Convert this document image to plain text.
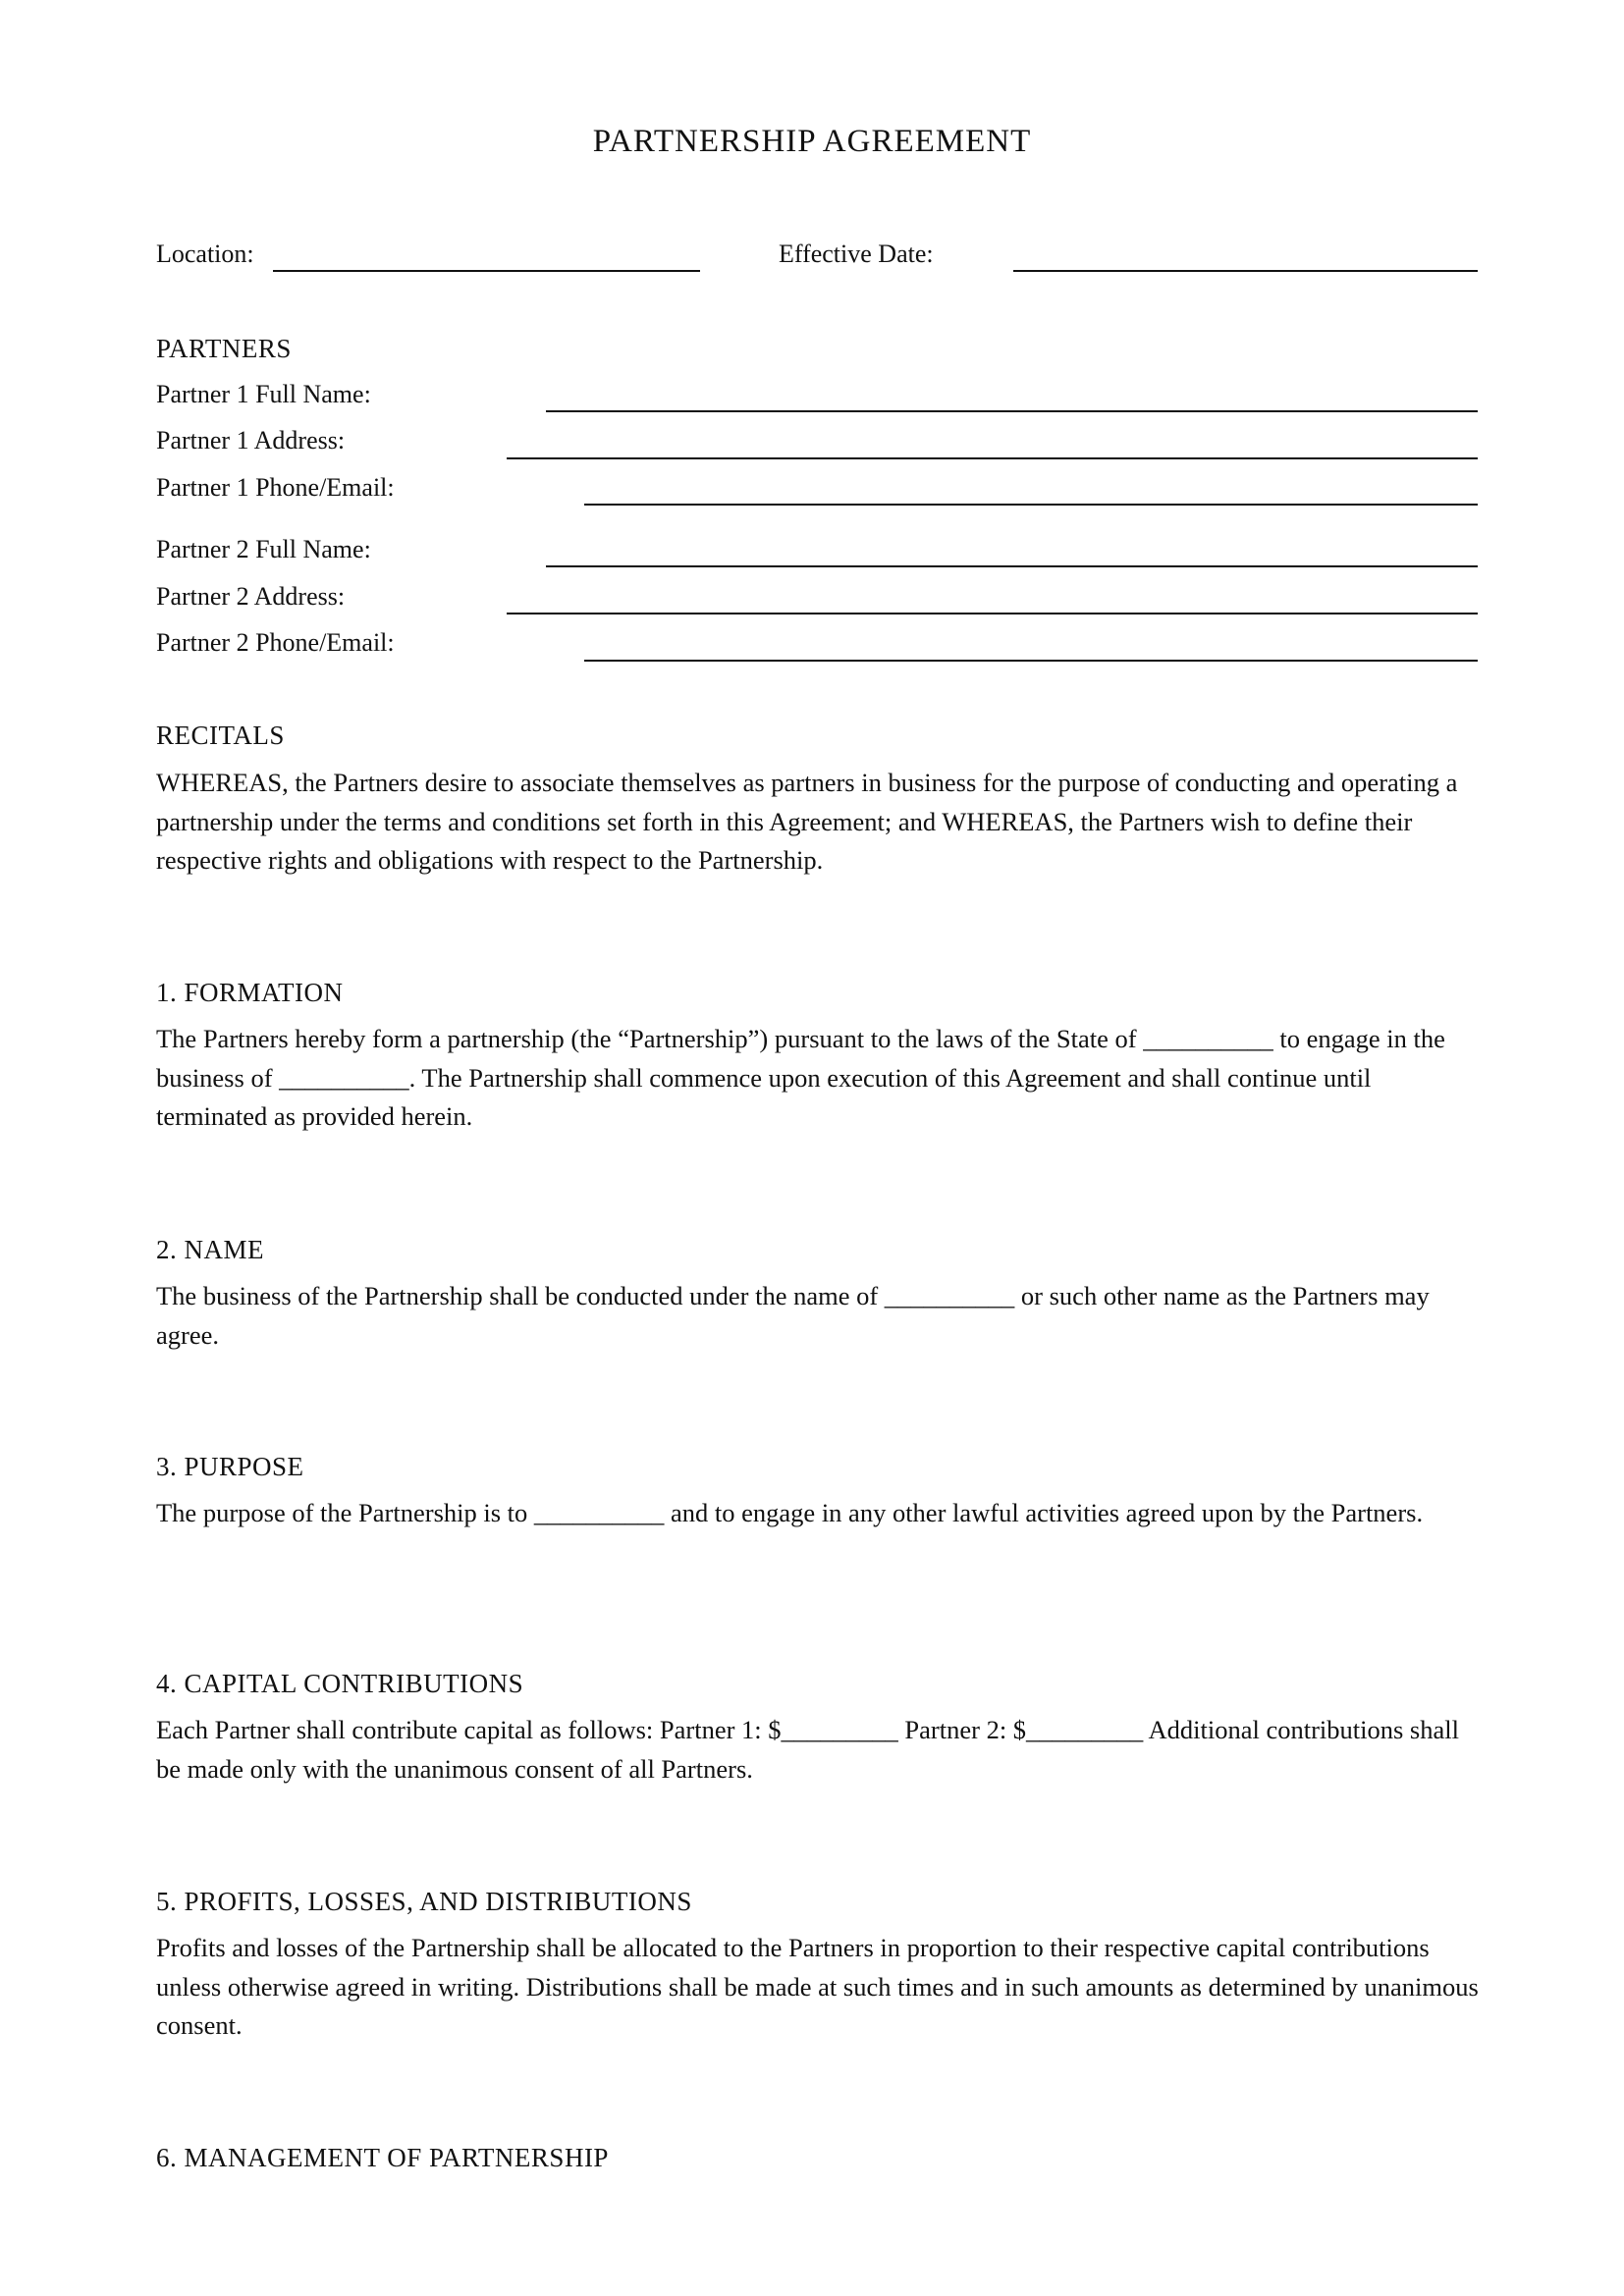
PARTNERSHIP AGREEMENT
Location:	Effective Date:
PARTNERS
Partner 1 Full Name:
Partner 1 Address:
Partner 1 Phone/Email:
Partner 2 Full Name:
Partner 2 Address:
Partner 2 Phone/Email:
RECITALS

WHEREAS, the Partners desire to associate themselves as partners in business for the purpose of conducting and operating a partnership under the terms and conditions set forth in this Agreement; and WHEREAS, the Partners wish to define their respective rights and obligations with respect to the Partnership.

1. FORMATION

The Partners hereby form a partnership (the “Partnership”) pursuant to the laws of the State of __________ to engage in the business of __________. The Partnership shall commence upon execution of this Agreement and shall continue until terminated as provided herein.

2. NAME

The business of the Partnership shall be conducted under the name of __________ or such other name as the Partners may agree.

3. PURPOSE

The purpose of the Partnership is to __________ and to engage in any other lawful activities agreed upon by the Partners.

4. CAPITAL CONTRIBUTIONS

Each Partner shall contribute capital as follows: Partner 1: $_________ Partner 2: $_________ Additional contributions shall be made only with the unanimous consent of all Partners.

5. PROFITS, LOSSES, AND DISTRIBUTIONS

Profits and losses of the Partnership shall be allocated to the Partners in proportion to their respective capital contributions unless otherwise agreed in writing. Distributions shall be made at such times and in such amounts as determined by unanimous consent.

6. MANAGEMENT OF PARTNERSHIP
